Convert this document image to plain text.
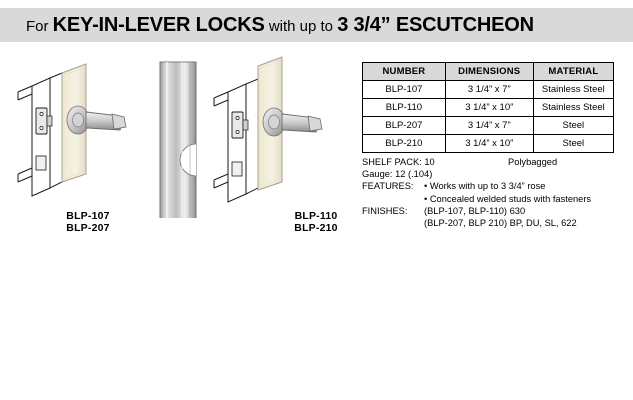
For KEY-IN-LEVER LOCKS with up to 3 3/4” ESCUTCHEON
BLP-107
BLP-207
BLP-110
BLP-210
NUMBER	DIMENSIONS	MATERIAL
BLP-107	3 1/4” x 7”	Stainless Steel
BLP-110	3 1/4” x 10”	Stainless Steel
BLP-207	3 1/4” x 7”	Steel
BLP-210	3 1/4” x 10”	Steel
SHELF PACK: 10	Polybagged
Gauge: 12 (.104)
FEATURES: • Works with up to 3 3/4” rose
• Concealed welded studs with fasteners
FINISHES: (BLP-107, BLP-110) 630
(BLP-207, BLP 210) BP, DU, SL, 622
